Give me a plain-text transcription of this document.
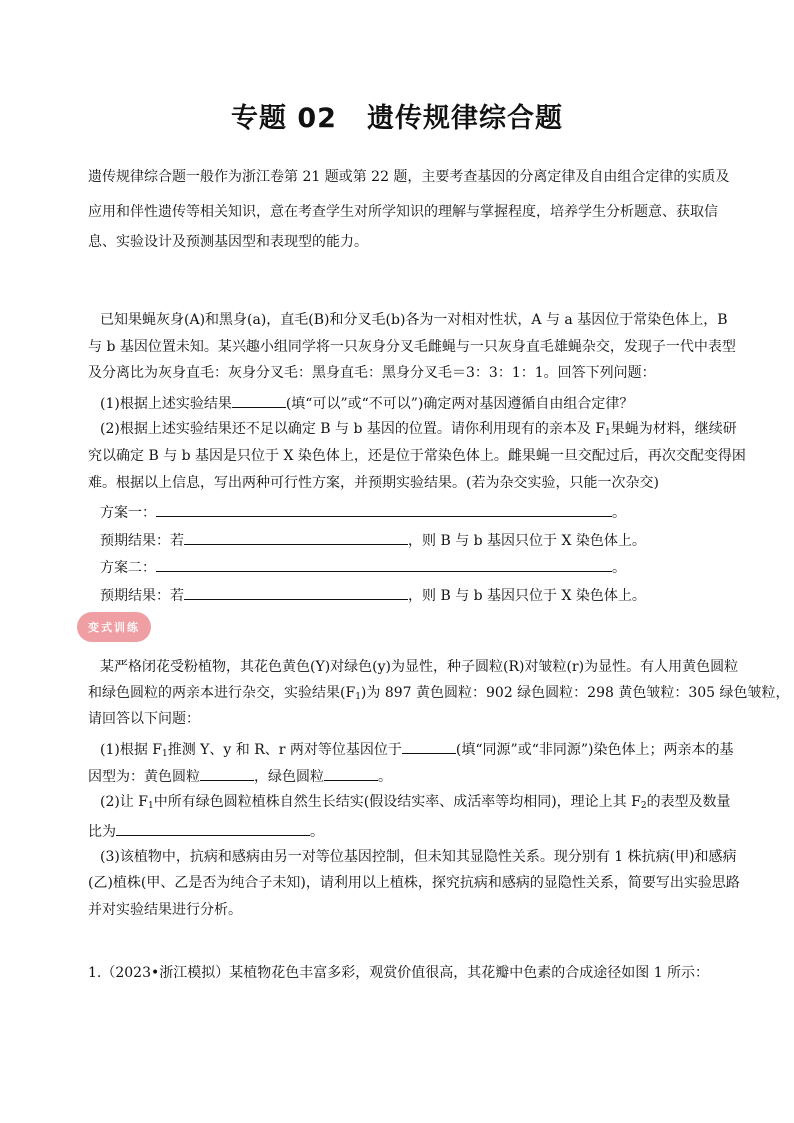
专题 02 遗传规律综合题
遗传规律综合题一般作为浙江卷第 21 题或第 22 题，主要考查基因的分离定律及自由组合定律的实质及
应用和伴性遗传等相关知识，意在考查学生对所学知识的理解与掌握程度，培养学生分析题意、获取信
息、实验设计及预测基因型和表现型的能力。
已知果蝇灰身(A)和黑身(a)，直毛(B)和分叉毛(b)各为一对相对性状，A 与 a 基因位于常染色体上，B
与 b 基因位置未知。某兴趣小组同学将一只灰身分叉毛雌蝇与一只灰身直毛雄蝇杂交，发现子一代中表型
及分离比为灰身直毛：灰身分叉毛：黑身直毛：黑身分叉毛＝3：3：1：1。回答下列问题：
(1)根据上述实验结果	(填“可以”或“不可以”)确定两对基因遵循自由组合定律？
(2)根据上述实验结果还不足以确定 B 与 b 基因的位置。请你利用现有的亲本及 $F_1$果蝇为材料，继续研
究以确定 B 与 b 基因是只位于 X 染色体上，还是位于常染色体上。雌果蝇一旦交配过后，再次交配变得困
难。根据以上信息，写出两种可行性方案，并预期实验结果。(若为杂交实验，只能一次杂交)
方案一：	。
预期结果：若	，则 B 与 b 基因只位于 X 染色体上。
方案二：	。
预期结果：若	，则 B 与 b 基因只位于 X 染色体上。
变式训练
某严格闭花受粉植物，其花色黄色(Y)对绿色(y)为显性，种子圆粒(R)对皱粒(r)为显性。有人用黄色圆粒
和绿色圆粒的两亲本进行杂交，实验结果$(F_1)$为 897 黄色圆粒：902 绿色圆粒：298 黄色皱粒：305 绿色皱粒，
请回答以下问题：
(1)根据 $F_1$推测 Y、y 和 R、r 两对等位基因位于	(填“同源”或“非同源”)染色体上；两亲本的基
因型为：黄色圆粒	，绿色圆粒	。
(2)让 $F_1$中所有绿色圆粒植株自然生长结实(假设结实率、成活率等均相同)，理论上其 $F_2$的表型及数量
比为	。
(3)该植物中，抗病和感病由另一对等位基因控制，但未知其显隐性关系。现分别有 1 株抗病(甲)和感病
(乙)植株(甲、乙是否为纯合子未知)，请利用以上植株，探究抗病和感病的显隐性关系，简要写出实验思路
并对实验结果进行分析。
1.（2023•浙江模拟）某植物花色丰富多彩，观赏价值很高，其花瓣中色素的合成途径如图 1 所示：
